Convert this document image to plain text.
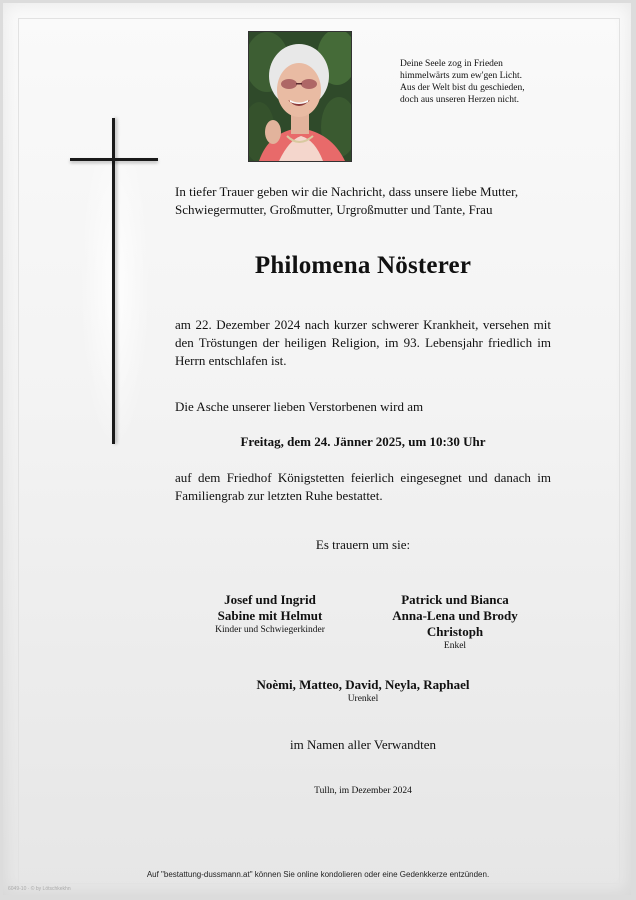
Deine Seele zog in Frieden
himmelwärts zum ew'gen Licht.
Aus der Welt bist du geschieden,
doch aus unseren Herzen nicht.
In tiefer Trauer geben wir die Nachricht, dass unsere liebe Mutter,
Schwiegermutter, Großmutter, Urgroßmutter und Tante, Frau
Philomena Nösterer
am 22. Dezember 2024 nach kurzer schwerer Krankheit, versehen mit den Tröstungen der heiligen Religion, im 93. Lebensjahr friedlich im Herrn entschlafen ist.
Die Asche unserer lieben Verstorbenen wird am
Freitag, dem 24. Jänner 2025, um 10:30 Uhr
auf dem Friedhof Königstetten feierlich eingesegnet und danach im Familiengrab zur letzten Ruhe bestattet.
Es trauern um sie:
Josef und Ingrid
Sabine mit Helmut
Kinder und Schwiegerkinder
Patrick und Bianca
Anna-Lena und Brody
Christoph
Enkel
Noèmi, Matteo, David, Neyla, Raphael
Urenkel
im Namen aller Verwandten
Tulln, im Dezember 2024
Auf "bestattung-dussmann.at" können Sie online kondolieren oder eine Gedenkkerze entzünden.
6049-10 · © by Lötschkekhn
